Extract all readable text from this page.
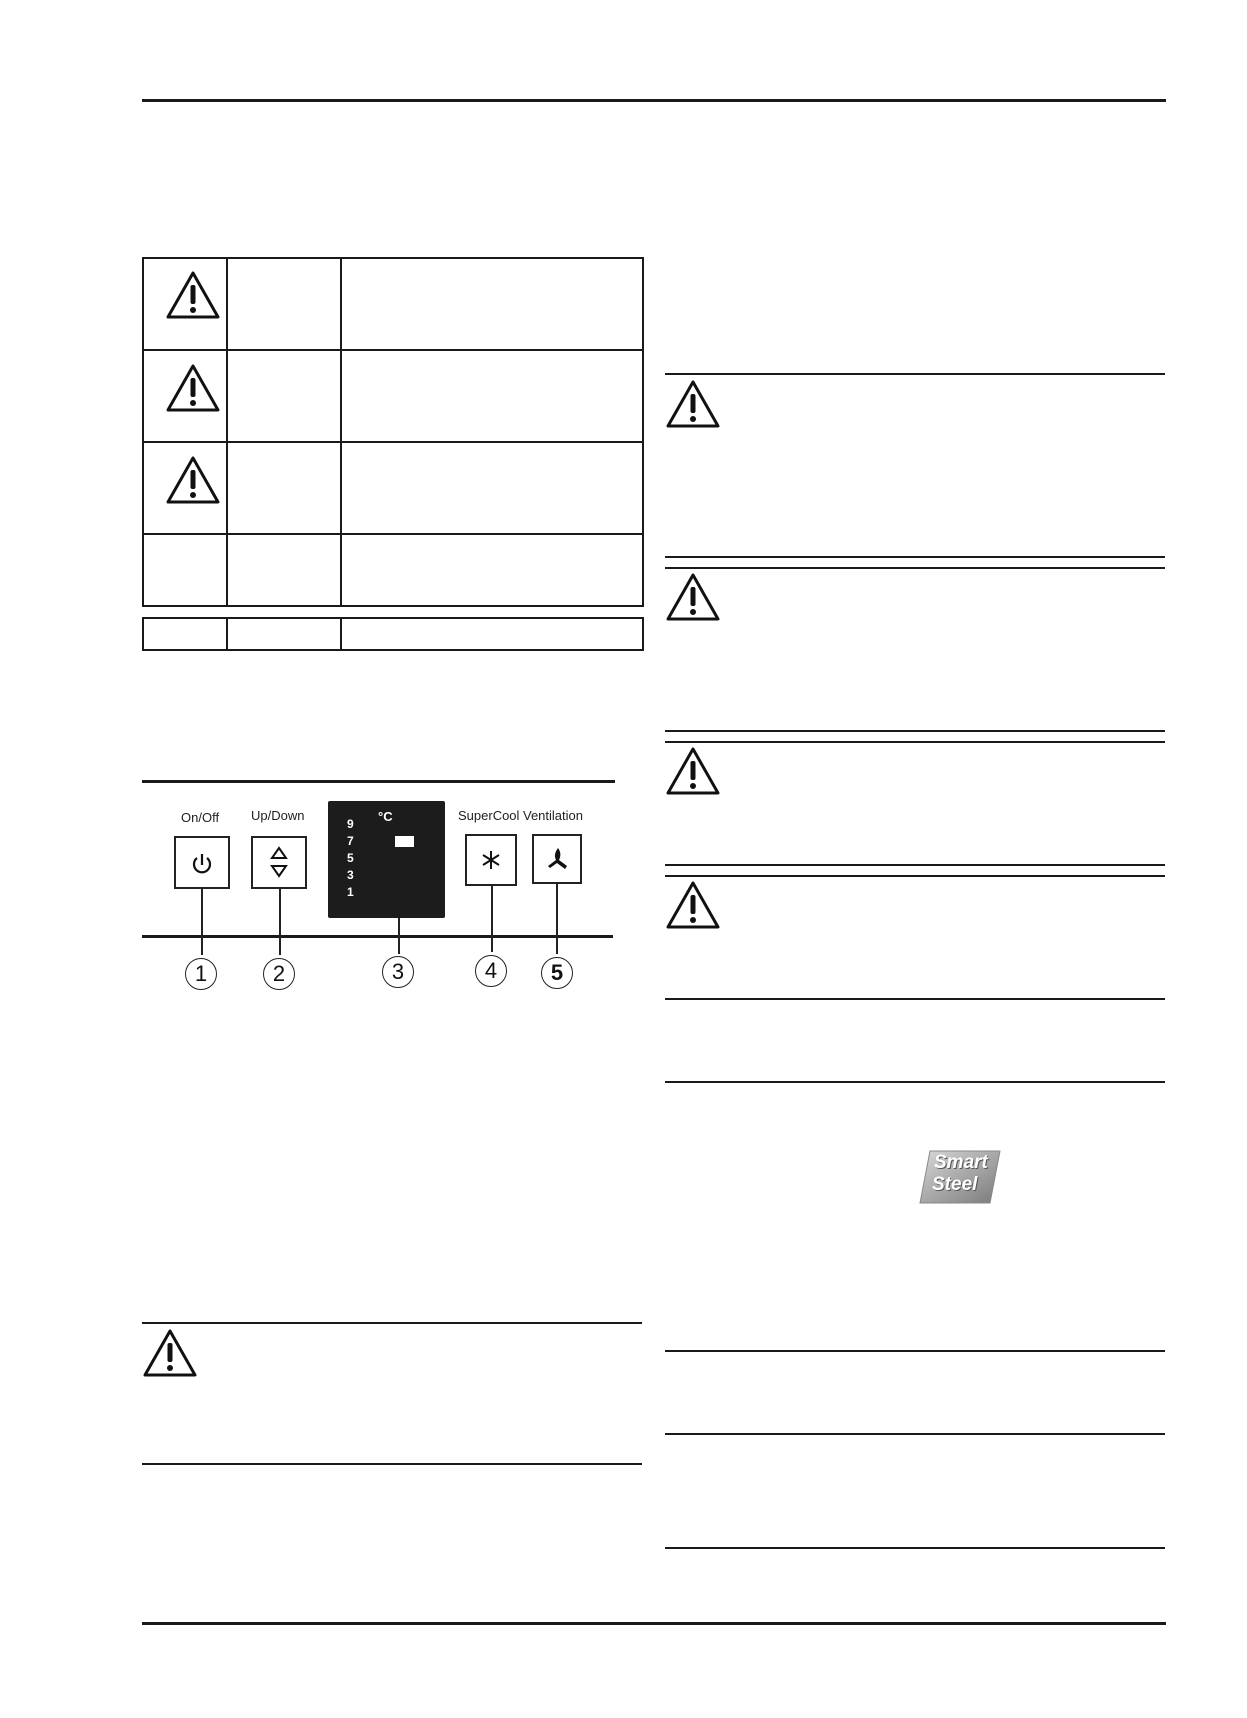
On/Off Up/Down	SuperCool Ventilation
°C
9
7
5
3
1
1	2	3	4	5
Smart
Steel
